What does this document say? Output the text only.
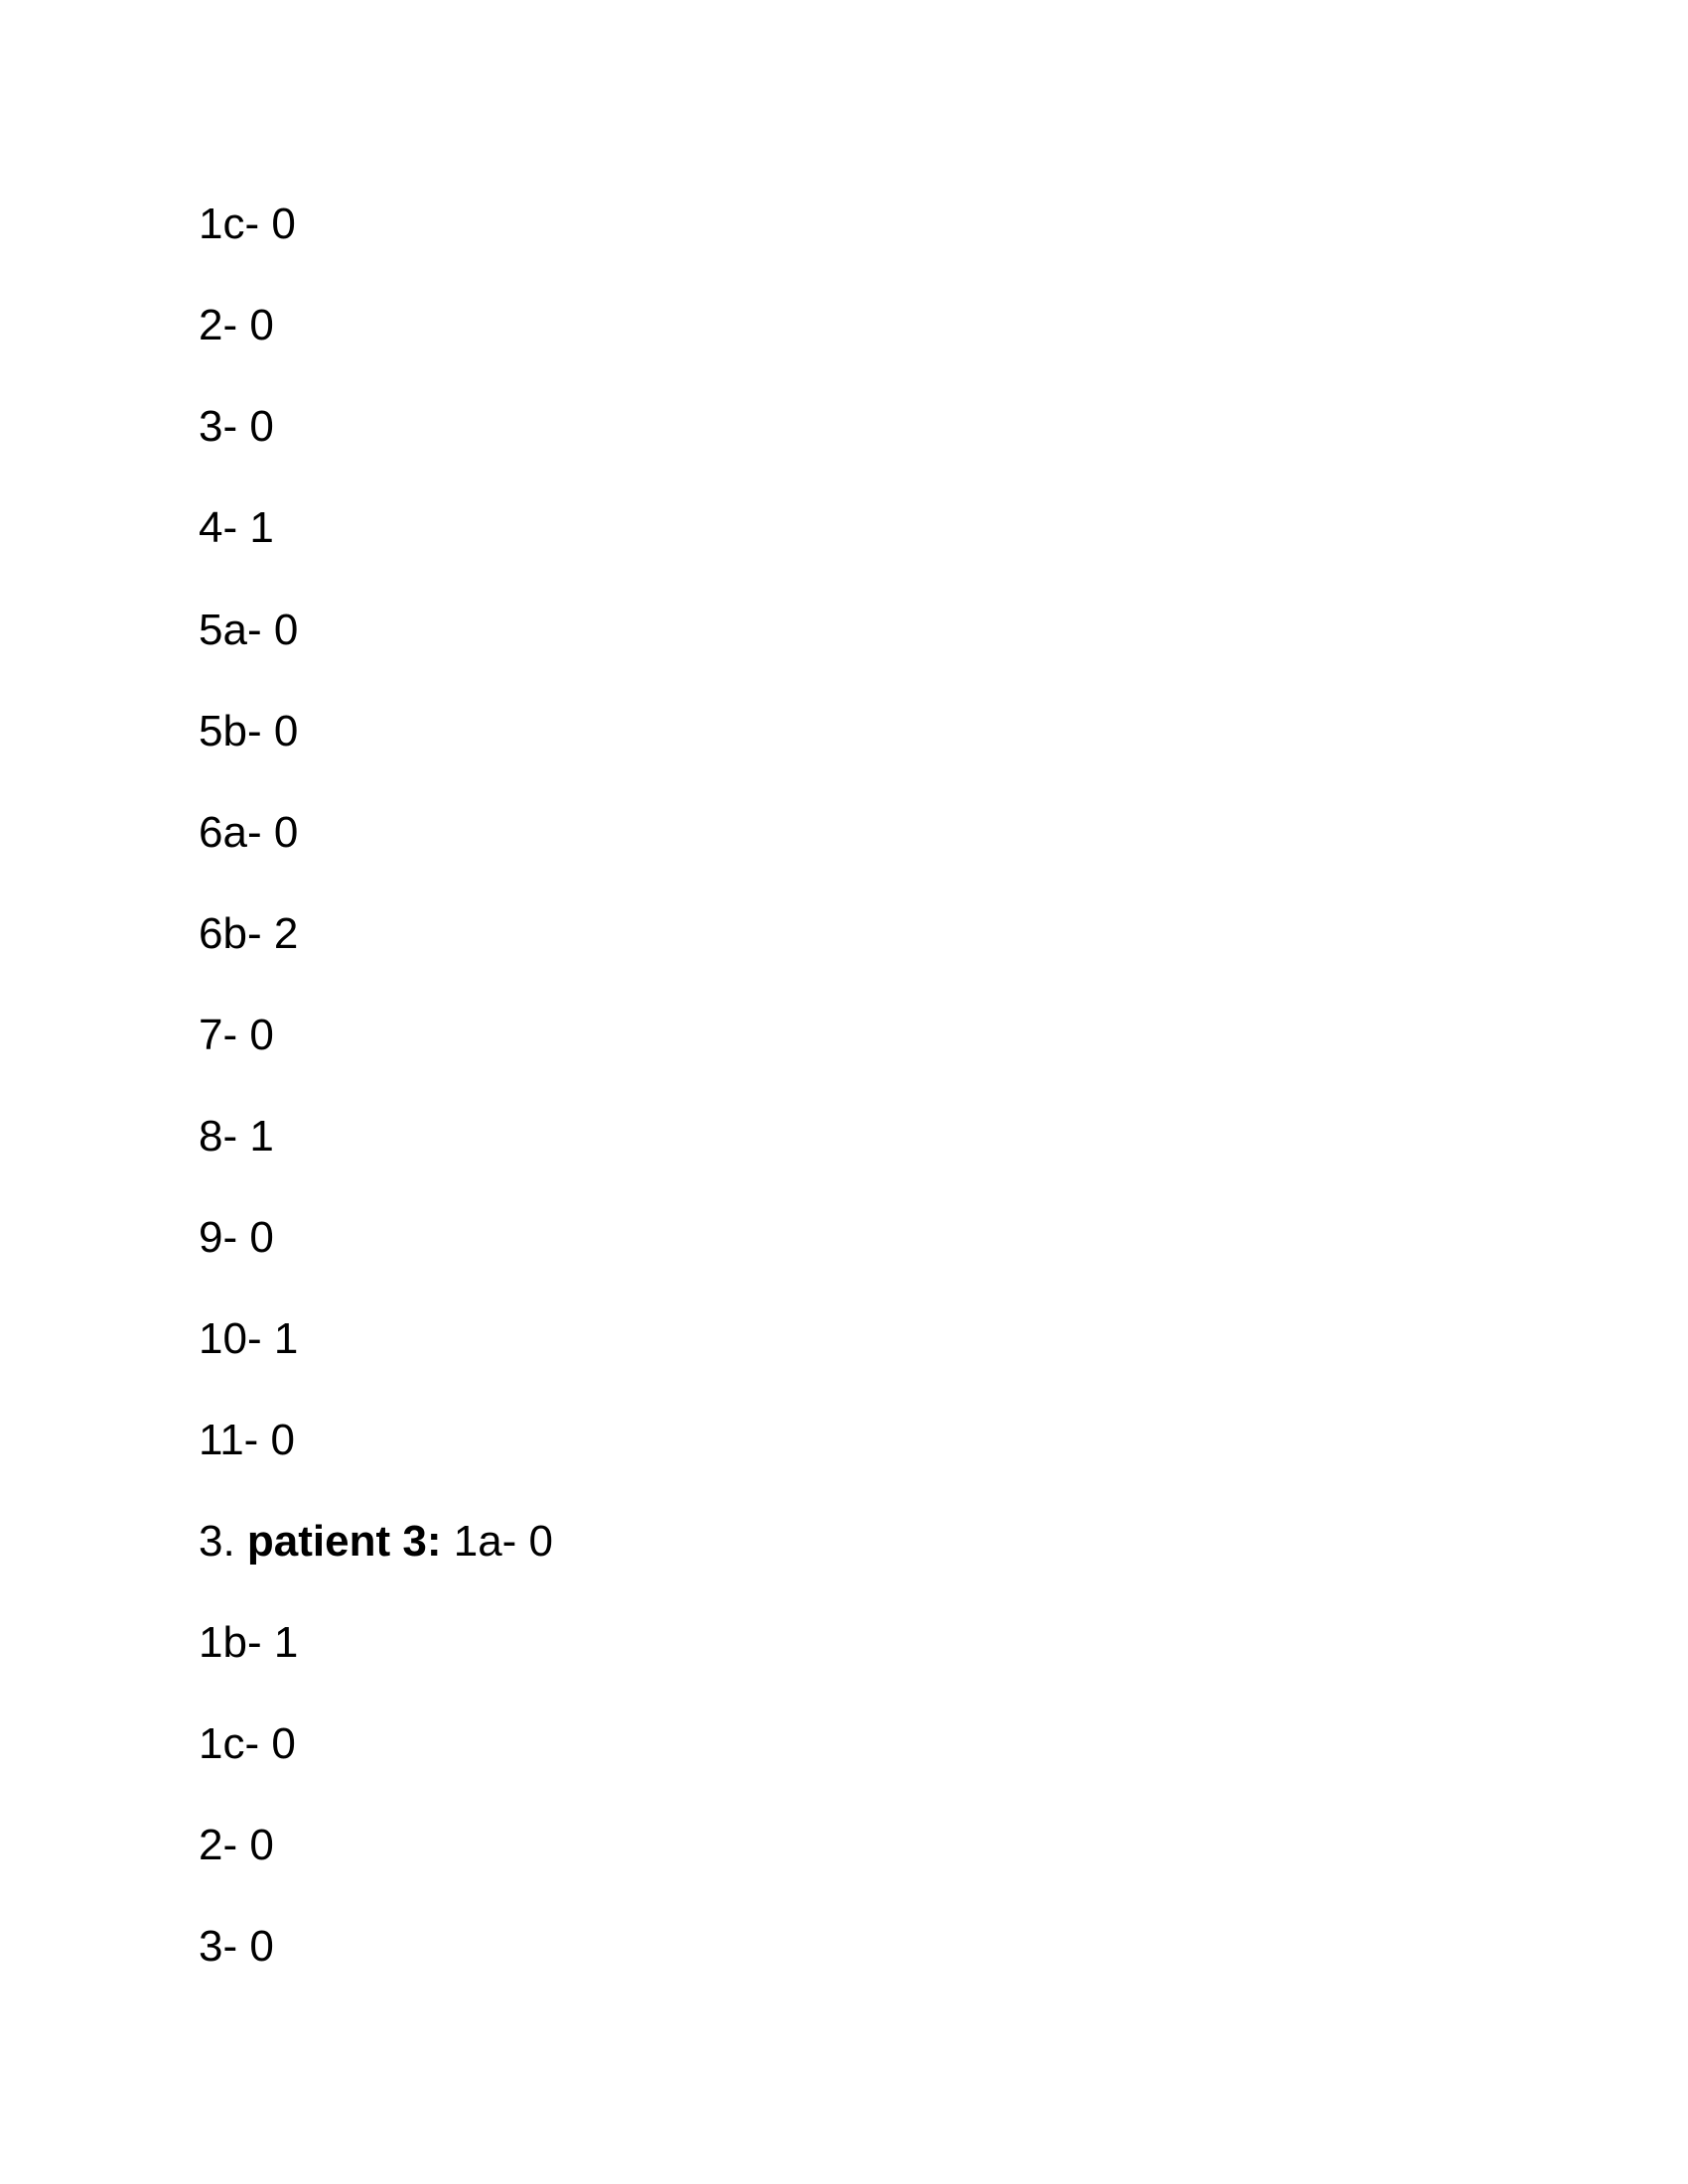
1c- 0
2- 0
3- 0
4- 1
5a- 0
5b- 0
6a- 0
6b- 2
7- 0
8- 1
9- 0
10- 1
11- 0
3. patient 3: 1a- 0
1b- 1
1c- 0
2- 0
3- 0
